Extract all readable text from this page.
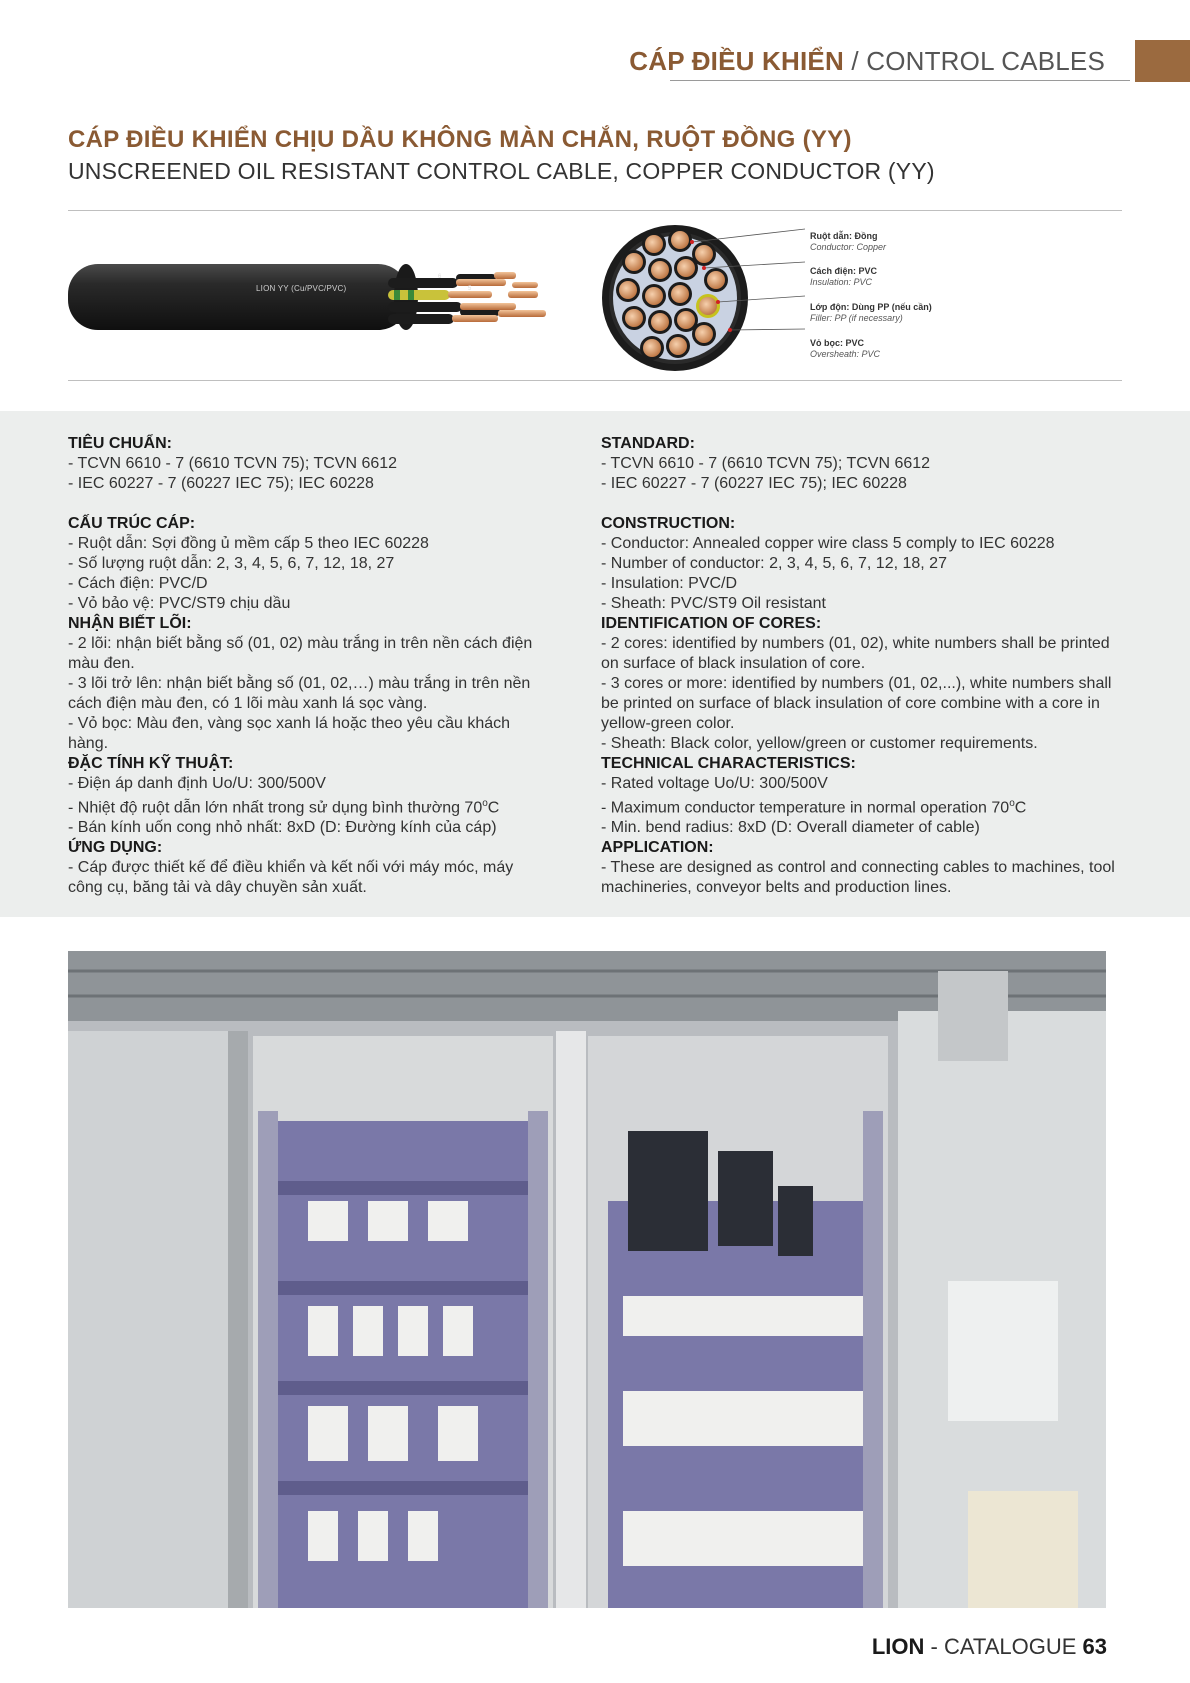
CÁP ĐIỀU KHIỂN / CONTROL CABLES
CÁP ĐIỀU KHIỂN CHỊU DẦU KHÔNG MÀN CHẮN, RUỘT ĐỒNG (YY)
UNSCREENED OIL RESISTANT CONTROL CABLE, COPPER CONDUCTOR (YY)
6
5
LION YY (Cu/PVC/PVC)
Ruột dẫn: Đồng
Conductor: Copper
Cách điện: PVC
Insulation: PVC
Lớp độn: Dùng PP (nếu cần)
Filler: PP (if necessary)
Vỏ bọc: PVC
Oversheath: PVC

TIÊU CHUẨN:

- TCVN 6610 - 7 (6610 TCVN 75); TCVN 6612

- IEC 60227 - 7 (60227 IEC 75); IEC 60228

CẤU TRÚC CÁP:

- Ruột dẫn: Sợi đồng ủ mềm cấp 5 theo IEC 60228

- Số lượng ruột dẫn: 2, 3, 4, 5, 6, 7, 12, 18, 27

- Cách điện: PVC/D

- Vỏ bảo vệ: PVC/ST9 chịu dầu

NHẬN BIẾT LÕI:

- 2 lõi: nhận biết bằng số (01, 02) màu trắng in trên nền cách điện màu đen.

- 3 lõi trở lên: nhận biết bằng số (01, 02,…) màu trắng in trên nền cách điện màu đen, có 1 lõi màu xanh lá sọc vàng.

- Vỏ bọc: Màu đen, vàng sọc xanh lá hoặc theo yêu cầu khách hàng.

ĐẶC TÍNH KỸ THUẬT:

- Điện áp danh định Uo/U: 300/500V

- Nhiệt độ ruột dẫn lớn nhất trong sử dụng bình thường 70$^o$C

- Bán kính uốn cong nhỏ nhất: 8xD (D: Đường kính của cáp)

ỨNG DỤNG:

- Cáp được thiết kế để điều khiển và kết nối với máy móc, máy công cụ, băng tải và dây chuyền sản xuất.

STANDARD:

- TCVN 6610 - 7 (6610 TCVN 75); TCVN 6612

- IEC 60227 - 7 (60227 IEC 75); IEC 60228

CONSTRUCTION:

- Conductor: Annealed copper wire class 5 comply to IEC 60228

- Number of conductor: 2, 3, 4, 5, 6, 7, 12, 18, 27

- Insulation: PVC/D

- Sheath: PVC/ST9 Oil resistant

IDENTIFICATION OF CORES:

- 2 cores: identified by numbers (01, 02), white numbers shall be printed on surface of black insulation of core.

- 3 cores or more: identified by numbers (01, 02,...), white numbers shall be printed on surface of black insulation of core combine with a core in yellow-green color.

- Sheath: Black color, yellow/green or customer requirements.

TECHNICAL CHARACTERISTICS:

- Rated voltage Uo/U: 300/500V

- Maximum conductor temperature in normal operation 70$^o$C

- Min. bend radius: 8xD (D: Overall diameter of cable)

APPLICATION:

- These are designed as control and connecting cables to machines, tool machineries, conveyor belts and production lines.

LION - CATALOGUE 63
